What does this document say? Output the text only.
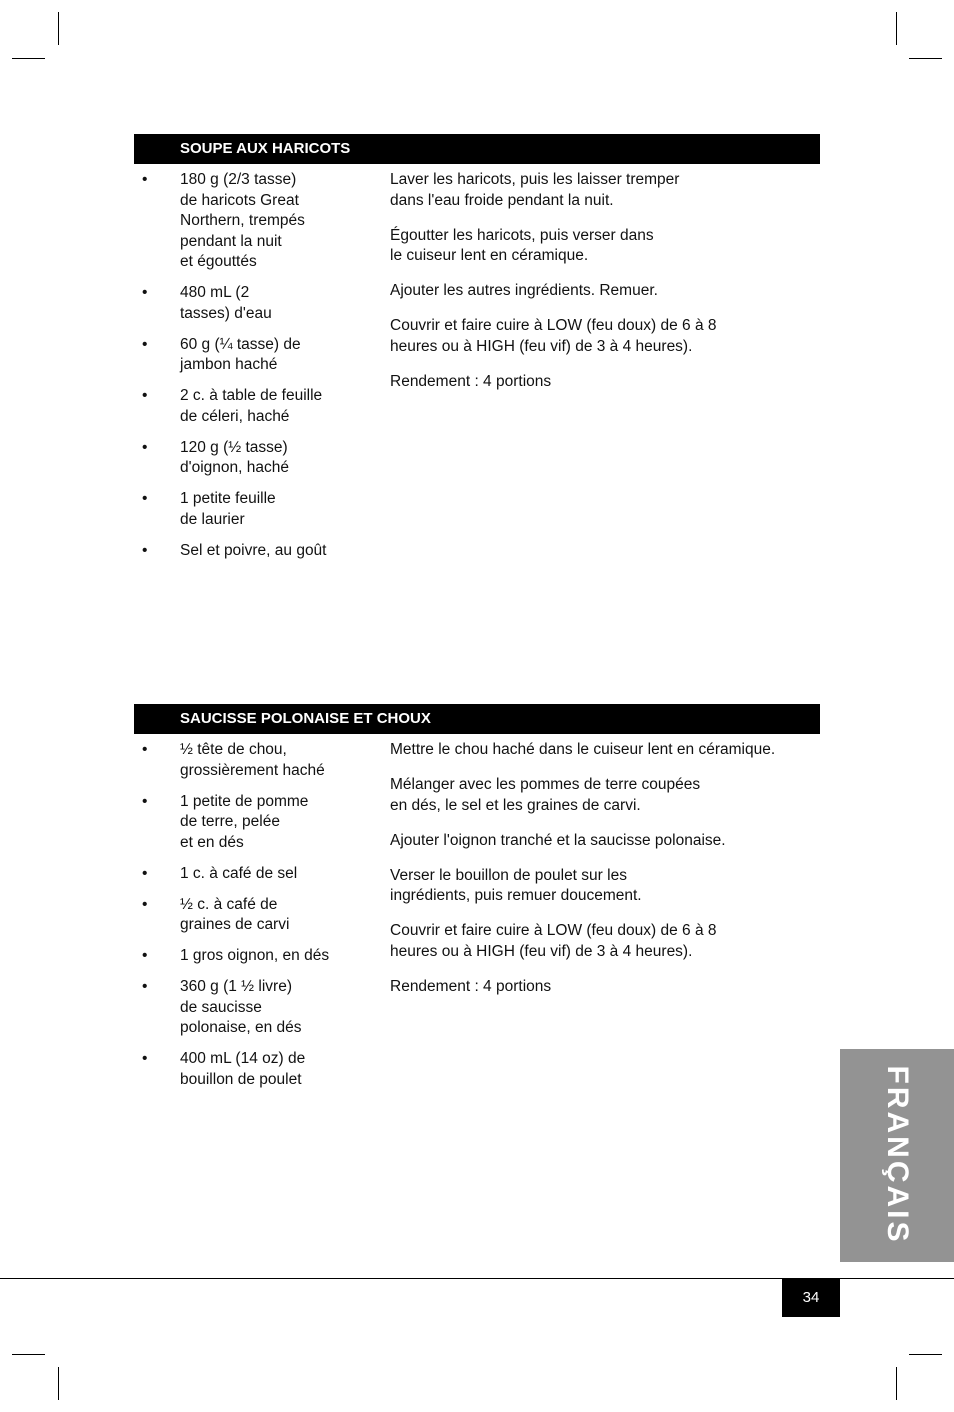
SOUPE AUX HARICOTS
• 180 g (2/3 tasse)
de haricots Great
Northern, trempés
pendant la nuit
et égouttés
• 480 mL (2
tasses) d'eau
• 60 g (¼ tasse) de
jambon haché
• 2 c. à table de feuille
de céleri, haché
• 120 g (½ tasse)
d'oignon, haché
• 1 petite feuille
de laurier
• Sel et poivre, au goût

Laver les haricots, puis les laisser tremper
dans l'eau froide pendant la nuit.

Égoutter les haricots, puis verser dans
le cuiseur lent en céramique.

Ajouter les autres ingrédients. Remuer.

Couvrir et faire cuire à LOW (feu doux) de 6 à 8
heures ou à HIGH (feu vif) de 3 à 4 heures).

Rendement : 4 portions

SAUCISSE POLONAISE ET CHOUX
• ½ tête de chou,
grossièrement haché
• 1 petite de pomme
de terre, pelée
et en dés
• 1 c. à café de sel
• ½ c. à café de
graines de carvi
• 1 gros oignon, en dés
• 360 g (1 ½ livre)
de saucisse
polonaise, en dés
• 400 mL (14 oz) de
bouillon de poulet

Mettre le chou haché dans le cuiseur lent en céramique.

Mélanger avec les pommes de terre coupées
en dés, le sel et les graines de carvi.

Ajouter l'oignon tranché et la saucisse polonaise.

Verser le bouillon de poulet sur les
ingrédients, puis remuer doucement.

Couvrir et faire cuire à LOW (feu doux) de 6 à 8
heures ou à HIGH (feu vif) de 3 à 4 heures).

Rendement : 4 portions

FRANÇAIS
34
